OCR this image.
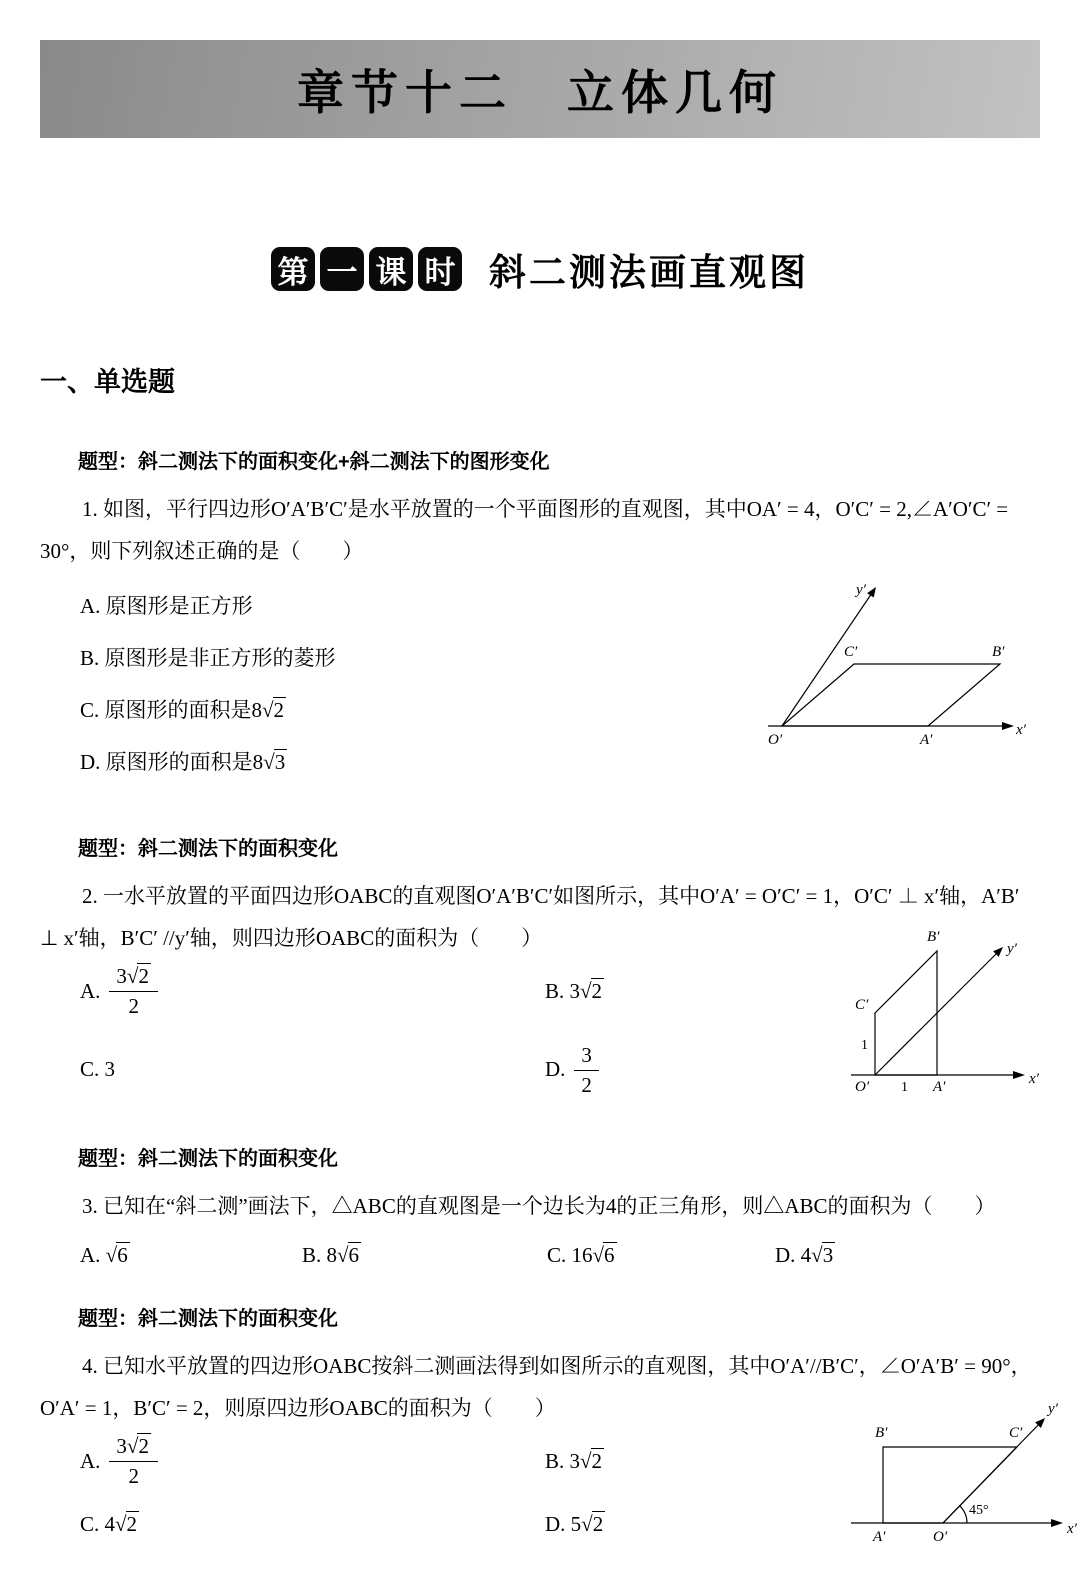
章节十二　立体几何
第 一 课 时 斜二测法画直观图
一、单选题

题型：斜二测法下的面积变化+斜二测法下的图形变化

1. 如图，平行四边形O′A′B′C′是水平放置的一个平面图形的直观图，其中OA′ = 4，O′C′ = 2,∠A′O′C′ = 30°，则下列叙述正确的是（　　）

A. 原图形是正方形

B. 原图形是非正方形的菱形

C. 原图形的面积是8√2

D. 原图形的面积是8√3

y′
x′
C′	B′
O′	A′

题型：斜二测法下的面积变化

2. 一水平放置的平面四边形OABC的直观图O′A′B′C′如图所示，其中O′A′ = O′C′ = 1，O′C′ ⊥ x′轴，A′B′ ⊥ x′轴，B′C′ //y′轴，则四边形OABC的面积为（　　）

A. $\frac{3√2}{2}$	B. 3√2
C. 3	D. $\frac{3}{2}$
B′
y′
C′
1
O′ 1 A′	x′

题型：斜二测法下的面积变化

3. 已知在“斜二测”画法下，△ABC的直观图是一个边长为4的正三角形，则△ABC的面积为（　　）

A. √6	B. 8√6	C. 16√6	D. 4√3

题型：斜二测法下的面积变化

4. 已知水平放置的四边形OABC按斜二测画法得到如图所示的直观图，其中O′A′//B′C′，∠O′A′B′ = 90°，O′A′ = 1，B′C′ = 2，则原四边形OABC的面积为（　　）

A. $\frac{3√2}{2}$	B. 3√2
C. 4√2	D. 5√2
B′	C′
y′
45°
A′	O′	x′
